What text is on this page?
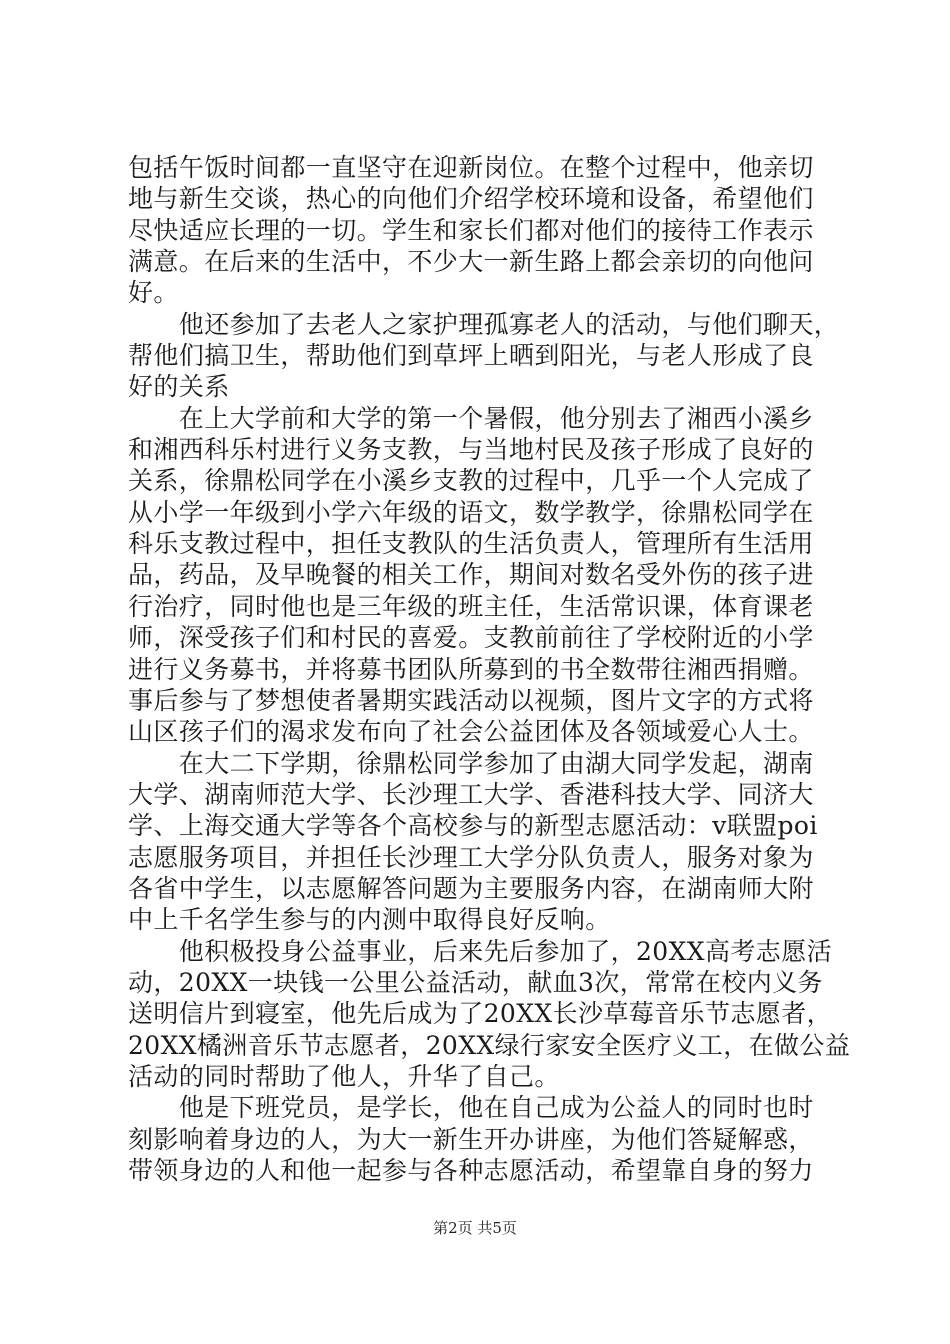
包括午饭时间都一直坚守在迎新岗位。在整个过程中，他亲切
地与新生交谈，热心的向他们介绍学校环境和设备，希望他们
尽快适应长理的一切。学生和家长们都对他们的接待工作表示
满意。在后来的生活中，不少大一新生路上都会亲切的向他问
好。
　　他还参加了去老人之家护理孤寡老人的活动，与他们聊天，
帮他们搞卫生，帮助他们到草坪上晒到阳光，与老人形成了良
好的关系
　　在上大学前和大学的第一个暑假，他分别去了湘西小溪乡
和湘西科乐村进行义务支教，与当地村民及孩子形成了良好的
关系，徐鼎松同学在小溪乡支教的过程中，几乎一个人完成了
从小学一年级到小学六年级的语文，数学教学，徐鼎松同学在
科乐支教过程中，担任支教队的生活负责人，管理所有生活用
品，药品，及早晚餐的相关工作，期间对数名受外伤的孩子进
行治疗，同时他也是三年级的班主任，生活常识课，体育课老
师，深受孩子们和村民的喜爱。支教前前往了学校附近的小学
进行义务募书，并将募书团队所募到的书全数带往湘西捐赠。
事后参与了梦想使者暑期实践活动以视频，图片文字的方式将
山区孩子们的渴求发布向了社会公益团体及各领域爱心人士。
　　在大二下学期，徐鼎松同学参加了由湖大同学发起，湖南
大学、湖南师范大学、长沙理工大学、香港科技大学、同济大
学、上海交通大学等各个高校参与的新型志愿活动：v联盟poi
志愿服务项目，并担任长沙理工大学分队负责人，服务对象为
各省中学生，以志愿解答问题为主要服务内容，在湖南师大附
中上千名学生参与的内测中取得良好反响。
　　他积极投身公益事业，后来先后参加了，20XX高考志愿活
动，20XX一块钱一公里公益活动，献血3次，常常在校内义务
送明信片到寝室，他先后成为了20XX长沙草莓音乐节志愿者，
20XX橘洲音乐节志愿者，20XX绿行家安全医疗义工，在做公益
活动的同时帮助了他人，升华了自己。
　　他是下班党员，是学长，他在自己成为公益人的同时也时
刻影响着身边的人，为大一新生开办讲座，为他们答疑解惑，
带领身边的人和他一起参与各种志愿活动，希望靠自身的努力
第2页 共5页
